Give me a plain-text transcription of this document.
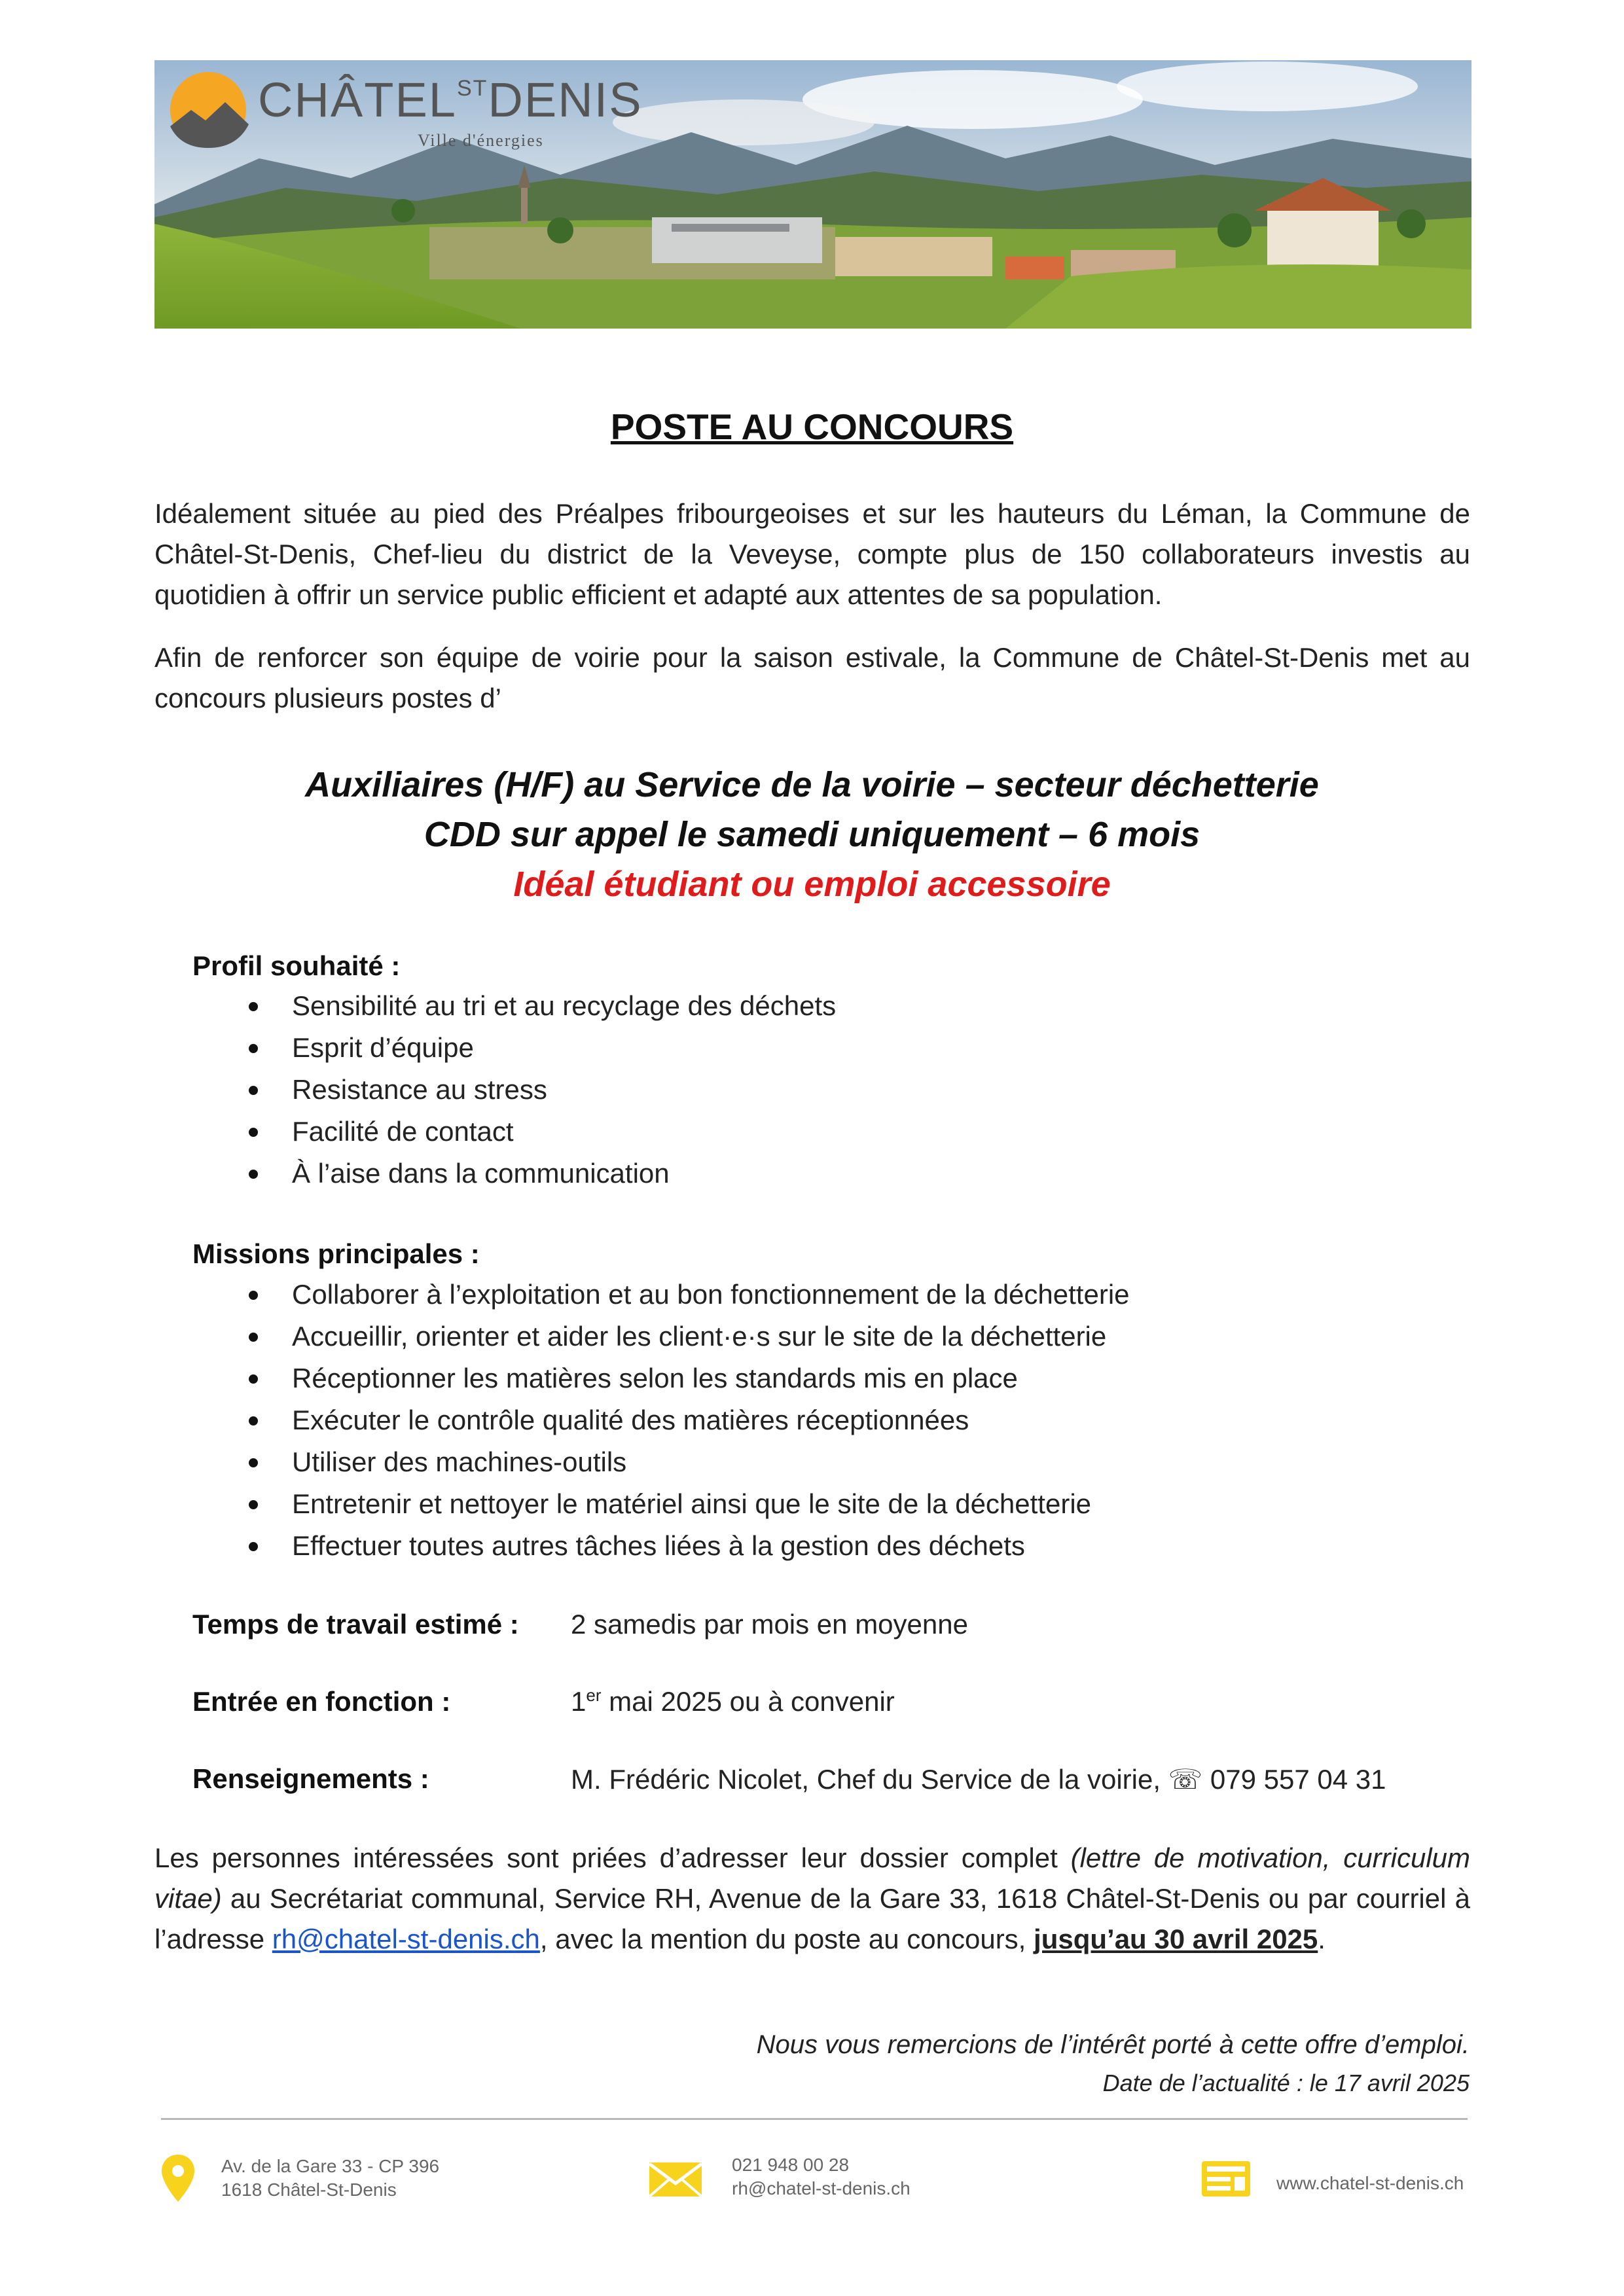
$CHÂTEL^{ST}DENIS$
Ville d'énergies
POSTE AU CONCOURS
Idéalement située au pied des Préalpes fribourgeoises et sur les hauteurs du Léman, la Commune de Châtel-St-Denis, Chef-lieu du district de la Veveyse, compte plus de 150 collaborateurs investis au quotidien à offrir un service public efficient et adapté aux attentes de sa population.
Afin de renforcer son équipe de voirie pour la saison estivale, la Commune de Châtel-St-Denis met au concours plusieurs postes d’
Auxiliaires (H/F) au Service de la voirie – secteur déchetterie
CDD sur appel le samedi uniquement – 6 mois
Idéal étudiant ou emploi accessoire
Profil souhaité :
Sensibilité au tri et au recyclage des déchets
Esprit d’équipe
Resistance au stress
Facilité de contact
À l’aise dans la communication
Missions principales :
Collaborer à l’exploitation et au bon fonctionnement de la déchetterie
Accueillir, orienter et aider les client·e·s sur le site de la déchetterie
Réceptionner les matières selon les standards mis en place
Exécuter le contrôle qualité des matières réceptionnées
Utiliser des machines-outils
Entretenir et nettoyer le matériel ainsi que le site de la déchetterie
Effectuer toutes autres tâches liées à la gestion des déchets
Temps de travail estimé : 2 samedis par mois en moyenne
Entrée en fonction :	1er mai 2025 ou à convenir
Renseignements :	M. Frédéric Nicolet, Chef du Service de la voirie, ☏ 079 557 04 31
Les personnes intéressées sont priées d’adresser leur dossier complet (lettre de motivation, curriculum vitae) au Secrétariat communal, Service RH, Avenue de la Gare 33, 1618 Châtel-St-Denis ou par courriel à l’adresse rh@chatel-st-denis.ch, avec la mention du poste au concours, jusqu’au 30 avril 2025.
Nous vous remercions de l’intérêt porté à cette offre d’emploi.
Date de l’actualité : le 17 avril 2025
Av. de la Gare 33 - CP 396
1618 Châtel-St-Denis
021 948 00 28
rh@chatel-st-denis.ch	www.chatel-st-denis.ch
